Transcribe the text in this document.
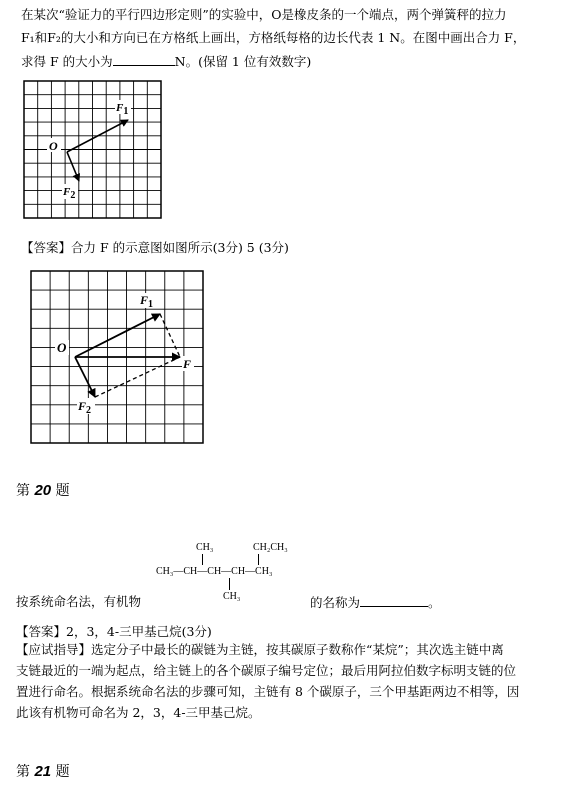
在某次“验证力的平行四边形定则”的实验中，O是橡皮条的一个端点，两个弹簧秤的拉力
F₁和F₂的大小和方向已在方格纸上画出，方格纸每格的边长代表 1 N。在图中画出合力 F，
求得 F 的大小为	N。(保留 1 位有效数字)
O
F1
F2
【答案】合力 F 的示意图如图所示(3分) 5 (3分)
O
$F_1$
F
$F_2$
第 20 题
CH₃	CH₂CH₃
CH₃—CH—CH—CH—CH₃
CH₃
按系统命名法，有机物	的名称为	。
【答案】2，3，4-三甲基己烷(3分)
【应试指导】选定分子中最长的碳链为主链，按其碳原子数称作“某烷”；其次选主链中离
支链最近的一端为起点，给主链上的各个碳原子编号定位；最后用阿拉伯数字标明支链的位
置进行命名。根据系统命名法的步骤可知，主链有 8 个碳原子，三个甲基距两边不相等，因
此该有机物可命名为 2，3，4-三甲基己烷。
第 21 题
